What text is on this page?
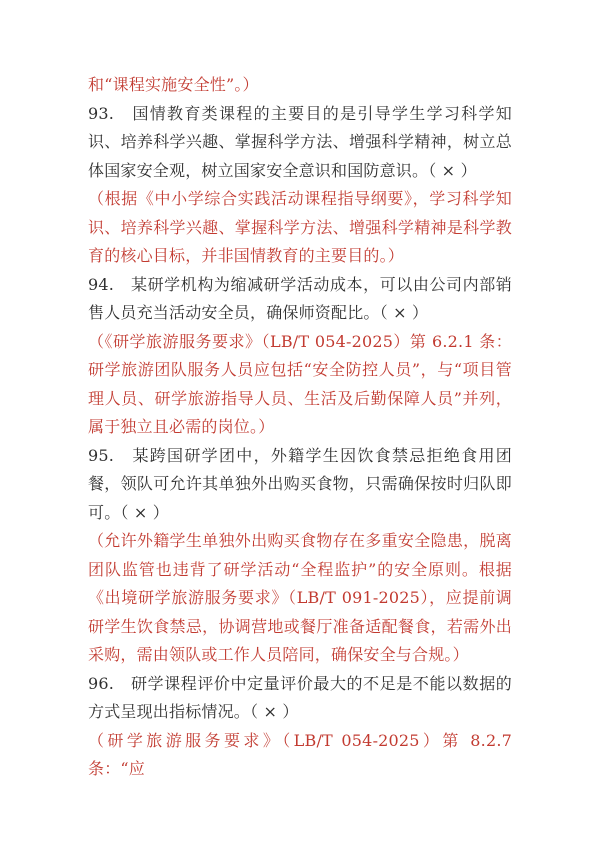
和“课程实施安全性”。）

93.　国情教育类课程的主要目的是引导学生学习科学知识、培养科学兴趣、掌握科学方法、增强科学精神，树立总体国家安全观，树立国家安全意识和国防意识。（ × ）

（根据《中小学综合实践活动课程指导纲要》，学习科学知识、培养科学兴趣、掌握科学方法、增强科学精神是科学教育的核心目标，并非国情教育的主要目的。）

94.　某研学机构为缩减研学活动成本，可以由公司内部销售人员充当活动安全员，确保师资配比。（ × ）

（《研学旅游服务要求》（LB/T 054-2025）第 6.2.1 条：研学旅游团队服务人员应包括“安全防控人员”，与“项目管理人员、研学旅游指导人员、生活及后勤保障人员”并列，属于独立且必需的岗位。）

95.　某跨国研学团中，外籍学生因饮食禁忌拒绝食用团餐，领队可允许其单独外出购买食物，只需确保按时归队即可。（ × ）

（允许外籍学生单独外出购买食物存在多重安全隐患，脱离团队监管也违背了研学活动“全程监护”的安全原则。根据《出境研学旅游服务要求》（LB/T 091-2025），应提前调研学生饮食禁忌，协调营地或餐厅准备适配餐食，若需外出采购，需由领队或工作人员陪同，确保安全与合规。）

96.　研学课程评价中定量评价最大的不足是不能以数据的方式呈现出指标情况。（ × ）

（研学旅游服务要求》（LB/T 054-2025）第 8.2.7 条：“应
